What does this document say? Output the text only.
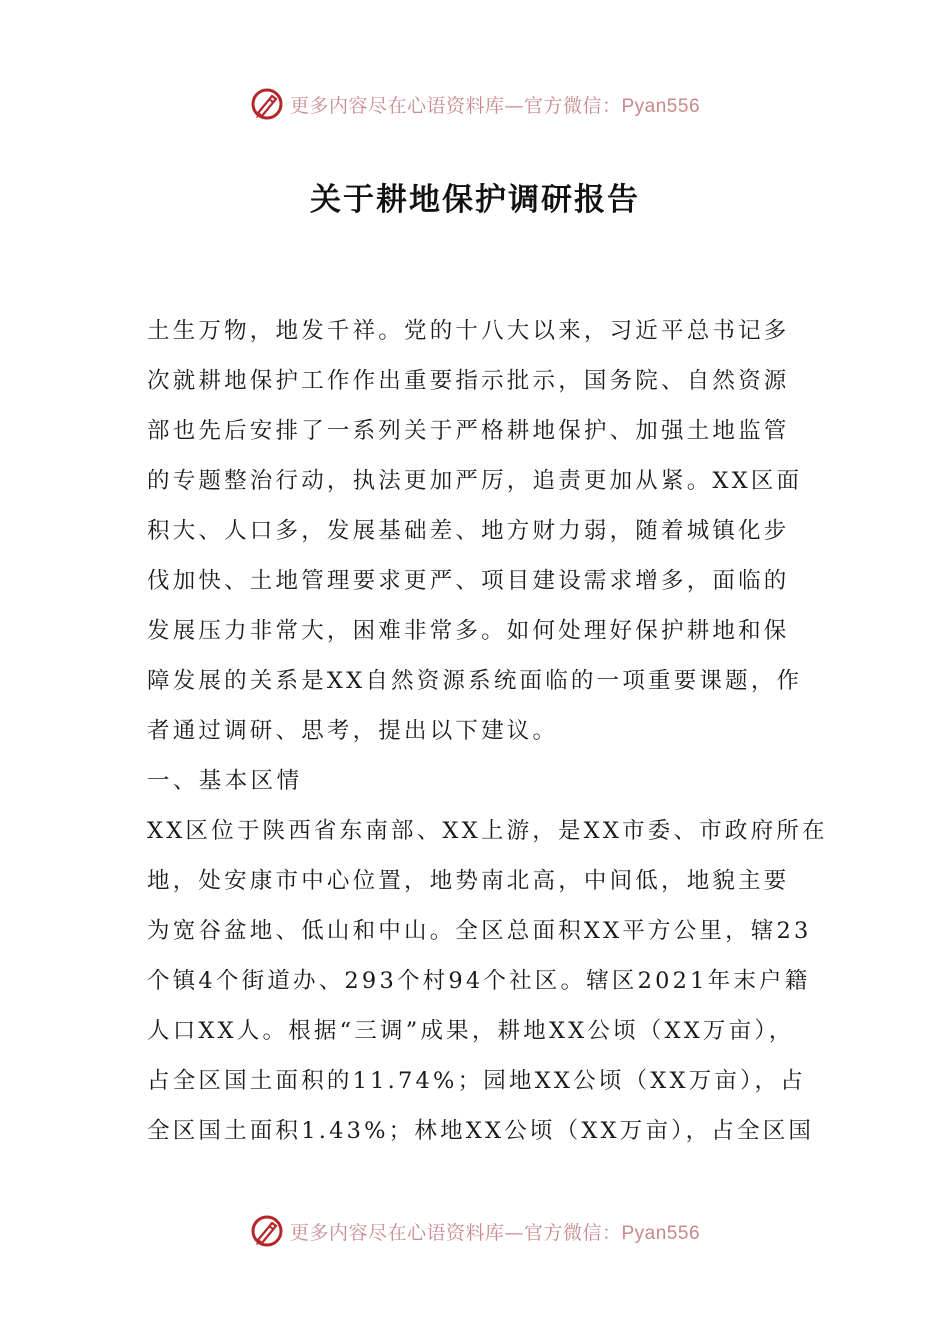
更多内容尽在心语资料库—官方微信：Pyan556
关于耕地保护调研报告
土生万物，地发千祥。党的十八大以来，习近平总书记多
次就耕地保护工作作出重要指示批示，国务院、自然资源
部也先后安排了一系列关于严格耕地保护、加强土地监管
的专题整治行动，执法更加严厉，追责更加从紧。XX区面
积大、人口多，发展基础差、地方财力弱，随着城镇化步
伐加快、土地管理要求更严、项目建设需求增多，面临的
发展压力非常大，困难非常多。如何处理好保护耕地和保
障发展的关系是XX自然资源系统面临的一项重要课题，作
者通过调研、思考，提出以下建议。
一、基本区情
XX区位于陕西省东南部、XX上游，是XX市委、市政府所在
地，处安康市中心位置，地势南北高，中间低，地貌主要
为宽谷盆地、低山和中山。全区总面积XX平方公里，辖23
个镇4个街道办、293个村94个社区。辖区2021年末户籍
人口XX人。根据“三调”成果，耕地XX公顷（XX万亩），
占全区国土面积的11.74%；园地XX公顷（XX万亩），占
全区国土面积1.43%；林地XX公顷（XX万亩），占全区国
更多内容尽在心语资料库—官方微信：Pyan556
